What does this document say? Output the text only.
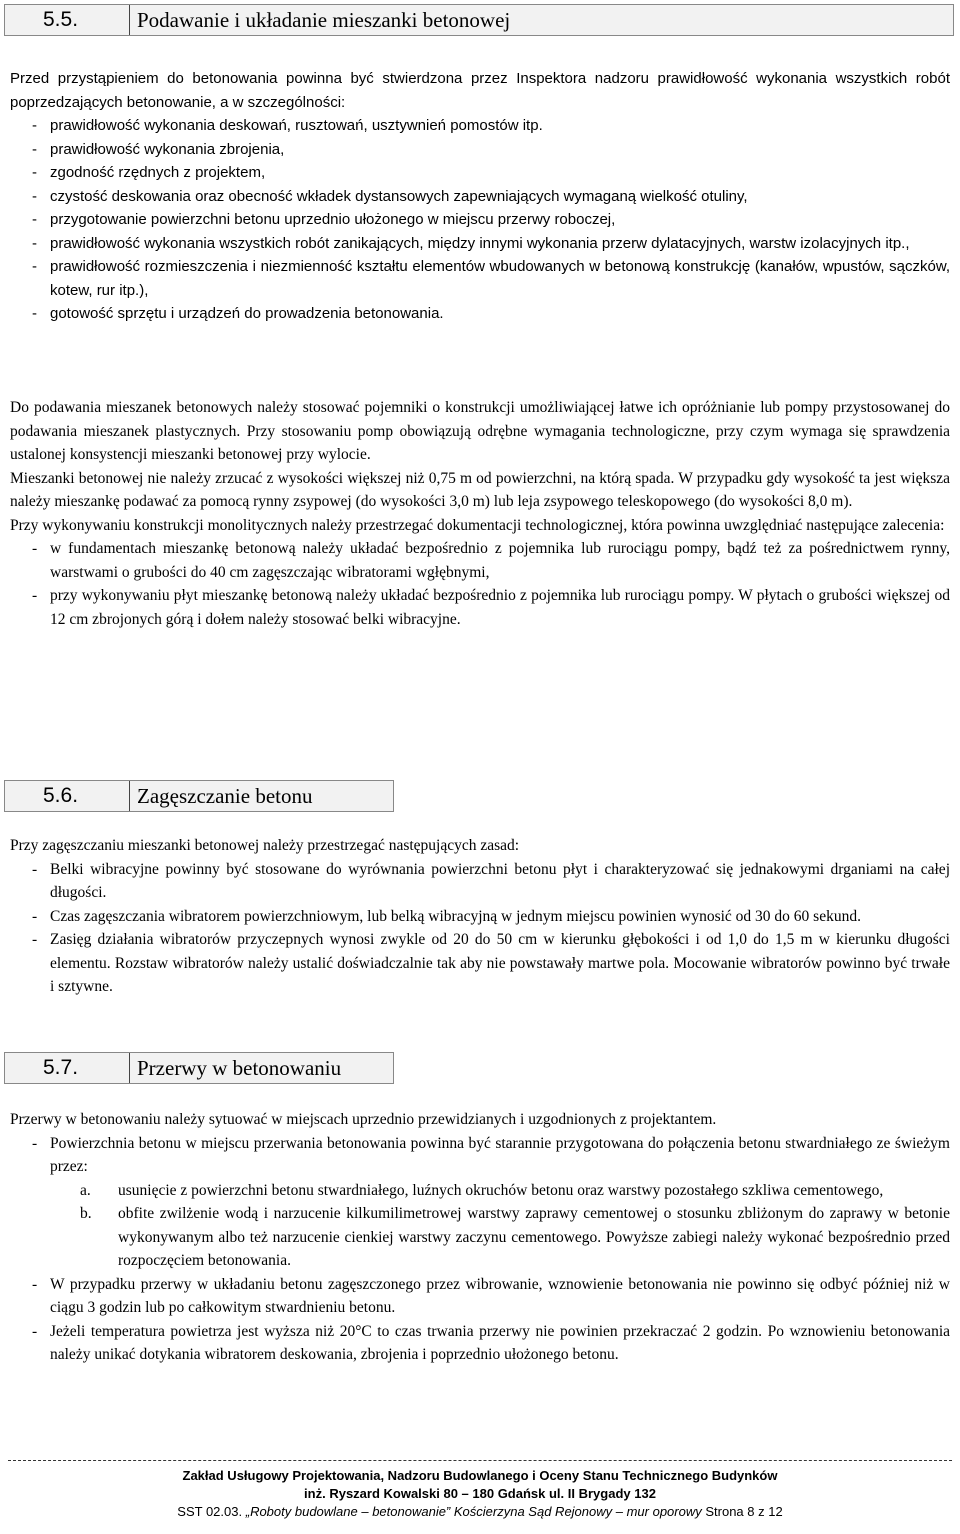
5.5.	Podawanie i układanie mieszanki betonowej

Przed przystąpieniem do betonowania powinna być stwierdzona przez Inspektora nadzoru prawidłowość wykonania wszystkich robót poprzedzających betonowanie, a w szczególności:

- prawidłowość wykonania deskowań, rusztowań, usztywnień pomostów itp.
- prawidłowość wykonania zbrojenia,
- zgodność rzędnych z projektem,
- czystość deskowania oraz obecność wkładek dystansowych zapewniających wymaganą wielkość otuliny,
- przygotowanie powierzchni betonu uprzednio ułożonego w miejscu przerwy roboczej,
- prawidłowość wykonania wszystkich robót zanikających, między innymi wykonania przerw dylatacyjnych, warstw izolacyjnych itp.,
- prawidłowość rozmieszczenia i niezmienność kształtu elementów wbudowanych w betonową konstrukcję (kanałów, wpustów, sączków, kotew, rur itp.),
- gotowość sprzętu i urządzeń do prowadzenia betonowania.

Do podawania mieszanek betonowych należy stosować pojemniki o konstrukcji umożliwiającej łatwe ich opróżnianie lub pompy przystosowanej do podawania mieszanek plastycznych. Przy stosowaniu pomp obowiązują odrębne wymagania technologiczne, przy czym wymaga się sprawdzenia ustalonej konsystencji mieszanki betonowej przy wylocie.

Mieszanki betonowej nie należy zrzucać z wysokości większej niż 0,75 m od powierzchni, na którą spada. W przypadku gdy wysokość ta jest większa należy mieszankę podawać za pomocą rynny zsypowej (do wysokości 3,0 m) lub leja zsypowego teleskopowego (do wysokości 8,0 m).

Przy wykonywaniu konstrukcji monolitycznych należy przestrzegać dokumentacji technologicznej, która powinna uwzględniać następujące zalecenia:

- w fundamentach mieszankę betonową należy układać bezpośrednio z pojemnika lub rurociągu pompy, bądź też za pośrednictwem rynny, warstwami o grubości do 40 cm zagęszczając wibratorami wgłębnymi,
- przy wykonywaniu płyt mieszankę betonową należy układać bezpośrednio z pojemnika lub rurociągu pompy. W płytach o grubości większej od 12 cm zbrojonych górą i dołem należy stosować belki wibracyjne.
5.6.	Zagęszczanie betonu

Przy zagęszczaniu mieszanki betonowej należy przestrzegać następujących zasad:

- Belki wibracyjne powinny być stosowane do wyrównania powierzchni betonu płyt i charakteryzować się jednakowymi drganiami na całej długości.
- Czas zagęszczania wibratorem powierzchniowym, lub belką wibracyjną w jednym miejscu powinien wynosić od 30 do 60 sekund.
- Zasięg działania wibratorów przyczepnych wynosi zwykle od 20 do 50 cm w kierunku głębokości i od 1,0 do 1,5 m w kierunku długości elementu. Rozstaw wibratorów należy ustalić doświadczalnie tak aby nie powstawały martwe pola. Mocowanie wibratorów powinno być trwałe i sztywne.
5.7.	Przerwy w betonowaniu

Przerwy w betonowaniu należy sytuować w miejscach uprzednio przewidzianych i uzgodnionych z projektantem.

- Powierzchnia betonu w miejscu przerwania betonowania powinna być starannie przygotowana do połączenia betonu stwardniałego ze świeżym przez:
a. usunięcie z powierzchni betonu stwardniałego, luźnych okruchów betonu oraz warstwy pozostałego szkliwa cementowego,
b. obfite zwilżenie wodą i narzucenie kilkumilimetrowej warstwy zaprawy cementowej o stosunku zbliżonym do zaprawy w betonie wykonywanym albo też narzucenie cienkiej warstwy zaczynu cementowego. Powyższe zabiegi należy wykonać bezpośrednio przed rozpoczęciem betonowania.
- W przypadku przerwy w układaniu betonu zagęszczonego przez wibrowanie, wznowienie betonowania nie powinno się odbyć później niż w ciągu 3 godzin lub po całkowitym stwardnieniu betonu.
- Jeżeli temperatura powietrza jest wyższa niż 20°C to czas trwania przerwy nie powinien przekraczać 2 godzin. Po wznowieniu betonowania należy unikać dotykania wibratorem deskowania, zbrojenia i poprzednio ułożonego betonu.
Zakład Usługowy Projektowania, Nadzoru Budowlanego i Oceny Stanu Technicznego Budynków
inż. Ryszard Kowalski 80 – 180 Gdańsk ul. II Brygady 132
SST 02.03. „Roboty budowlane – betonowanie” Kościerzyna Sąd Rejonowy – mur oporowy Strona 8 z 12
